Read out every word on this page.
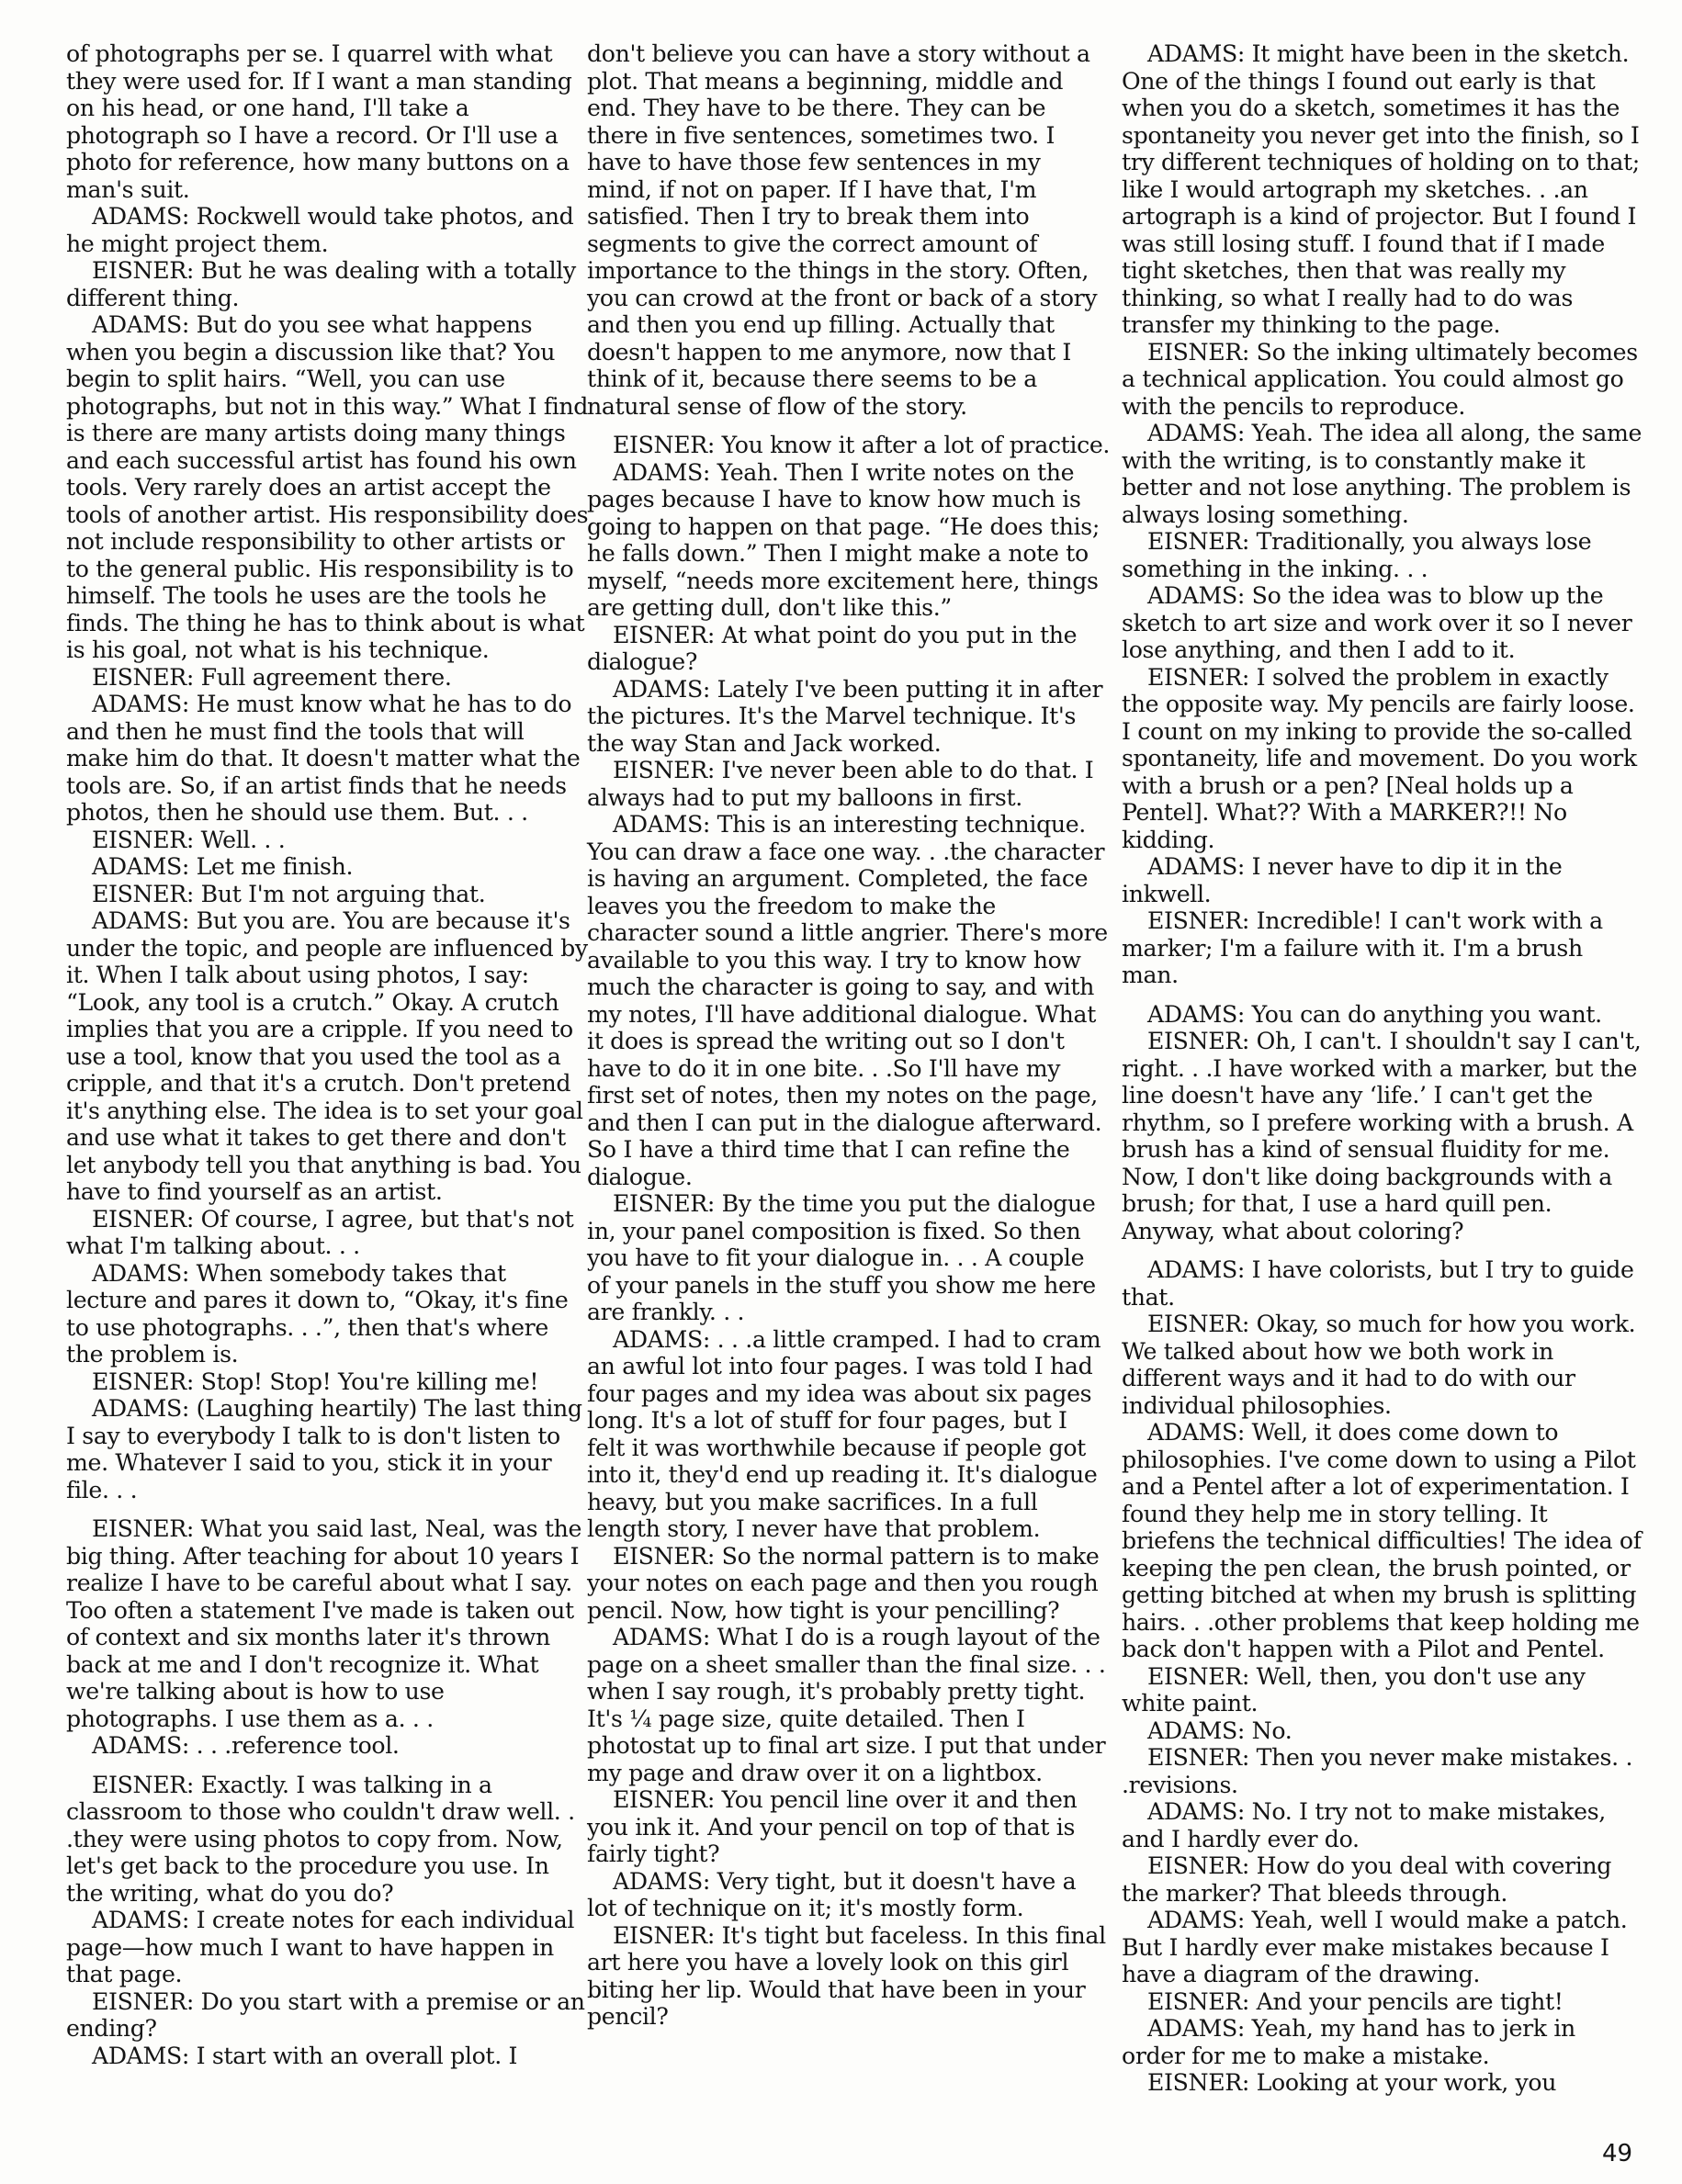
of photographs per se. I quarrel with what they were used for. If I want a man standing on his head, or one hand, I'll take a photograph so I have a record. Or I'll use a photo for reference, how many buttons on a man's suit.

ADAMS: Rockwell would take photos, and he might project them.

EISNER: But he was dealing with a totally different thing.

ADAMS: But do you see what happens when you begin a discussion like that? You begin to split hairs. “Well, you can use photographs, but not in this way.” What I find is there are many artists doing many things and each successful artist has found his own tools. Very rarely does an artist accept the tools of another artist. His responsibility does not include responsibility to other artists or to the general public. His responsibility is to himself. The tools he uses are the tools he finds. The thing he has to think about is what is his goal, not what is his technique.

EISNER: Full agreement there.

ADAMS: He must know what he has to do and then he must find the tools that will make him do that. It doesn't matter what the tools are. So, if an artist finds that he needs photos, then he should use them. But. . .

EISNER: Well. . .

ADAMS: Let me finish.

EISNER: But I'm not arguing that.

ADAMS: But you are. You are because it's under the topic, and people are influenced by it. When I talk about using photos, I say: “Look, any tool is a crutch.” Okay. A crutch implies that you are a cripple. If you need to use a tool, know that you used the tool as a cripple, and that it's a crutch. Don't pretend it's anything else. The idea is to set your goal and use what it takes to get there and don't let anybody tell you that anything is bad. You have to find yourself as an artist.

EISNER: Of course, I agree, but that's not what I'm talking about. . .

ADAMS: When somebody takes that lecture and pares it down to, “Okay, it's fine to use photographs. . .”, then that's where the problem is.

EISNER: Stop! Stop! You're killing me!

ADAMS: (Laughing heartily) The last thing I say to everybody I talk to is don't listen to me. Whatever I said to you, stick it in your file. . .

EISNER: What you said last, Neal, was the big thing. After teaching for about 10 years I realize I have to be careful about what I say. Too often a statement I've made is taken out of context and six months later it's thrown back at me and I don't recognize it. What we're talking about is how to use photographs. I use them as a. . .

ADAMS: . . .reference tool.

EISNER: Exactly. I was talking in a classroom to those who couldn't draw well. . .they were using photos to copy from. Now, let's get back to the procedure you use. In the writing, what do you do?

ADAMS: I create notes for each individual page—how much I want to have happen in that page.

EISNER: Do you start with a premise or an ending?

ADAMS: I start with an overall plot. I

don't believe you can have a story without a plot. That means a beginning, middle and end. They have to be there. They can be there in five sentences, sometimes two. I have to have those few sentences in my mind, if not on paper. If I have that, I'm satisfied. Then I try to break them into segments to give the correct amount of importance to the things in the story. Often, you can crowd at the front or back of a story and then you end up filling. Actually that doesn't happen to me anymore, now that I think of it, because there seems to be a natural sense of flow of the story.

EISNER: You know it after a lot of practice.

ADAMS: Yeah. Then I write notes on the pages because I have to know how much is going to happen on that page. “He does this; he falls down.” Then I might make a note to myself, “needs more excitement here, things are getting dull, don't like this.”

EISNER: At what point do you put in the dialogue?

ADAMS: Lately I've been putting it in after the pictures. It's the Marvel technique. It's the way Stan and Jack worked.

EISNER: I've never been able to do that. I always had to put my balloons in first.

ADAMS: This is an interesting technique. You can draw a face one way. . .the character is having an argument. Completed, the face leaves you the freedom to make the character sound a little angrier. There's more available to you this way. I try to know how much the character is going to say, and with my notes, I'll have additional dialogue. What it does is spread the writing out so I don't have to do it in one bite. . .So I'll have my first set of notes, then my notes on the page, and then I can put in the dialogue afterward. So I have a third time that I can refine the dialogue.

EISNER: By the time you put the dialogue in, your panel composition is fixed. So then you have to fit your dialogue in. . . A couple of your panels in the stuff you show me here are frankly. . .

ADAMS: . . .a little cramped. I had to cram an awful lot into four pages. I was told I had four pages and my idea was about six pages long. It's a lot of stuff for four pages, but I felt it was worthwhile because if people got into it, they'd end up reading it. It's dialogue heavy, but you make sacrifices. In a full length story, I never have that problem.

EISNER: So the normal pattern is to make your notes on each page and then you rough pencil. Now, how tight is your pencilling?

ADAMS: What I do is a rough layout of the page on a sheet smaller than the final size. . . when I say rough, it's probably pretty tight. It's ¼ page size, quite detailed. Then I photostat up to final art size. I put that under my page and draw over it on a lightbox.

EISNER: You pencil line over it and then you ink it. And your pencil on top of that is fairly tight?

ADAMS: Very tight, but it doesn't have a lot of technique on it; it's mostly form.

EISNER: It's tight but faceless. In this final art here you have a lovely look on this girl biting her lip. Would that have been in your pencil?

ADAMS: It might have been in the sketch. One of the things I found out early is that when you do a sketch, sometimes it has the spontaneity you never get into the finish, so I try different techniques of holding on to that; like I would artograph my sketches. . .an artograph is a kind of projector. But I found I was still losing stuff. I found that if I made tight sketches, then that was really my thinking, so what I really had to do was transfer my thinking to the page.

EISNER: So the inking ultimately becomes a technical application. You could almost go with the pencils to reproduce.

ADAMS: Yeah. The idea all along, the same with the writing, is to constantly make it better and not lose anything. The problem is always losing something.

EISNER: Traditionally, you always lose something in the inking. . .

ADAMS: So the idea was to blow up the sketch to art size and work over it so I never lose anything, and then I add to it.

EISNER: I solved the problem in exactly the opposite way. My pencils are fairly loose. I count on my inking to provide the so-called spontaneity, life and movement. Do you work with a brush or a pen? [Neal holds up a Pentel]. What?? With a MARKER?!! No kidding.

ADAMS: I never have to dip it in the inkwell.

EISNER: Incredible! I can't work with a marker; I'm a failure with it. I'm a brush man.

ADAMS: You can do anything you want.

EISNER: Oh, I can't. I shouldn't say I can't, right. . .I have worked with a marker, but the line doesn't have any ‘life.’ I can't get the rhythm, so I prefere working with a brush. A brush has a kind of sensual fluidity for me. Now, I don't like doing backgrounds with a brush; for that, I use a hard quill pen. Anyway, what about coloring?

ADAMS: I have colorists, but I try to guide that.

EISNER: Okay, so much for how you work. We talked about how we both work in different ways and it had to do with our individual philosophies.

ADAMS: Well, it does come down to philosophies. I've come down to using a Pilot and a Pentel after a lot of experimentation. I found they help me in story telling. It briefens the technical difficulties! The idea of keeping the pen clean, the brush pointed, or getting bitched at when my brush is splitting hairs. . .other problems that keep holding me back don't happen with a Pilot and Pentel.

EISNER: Well, then, you don't use any white paint.

ADAMS: No.

EISNER: Then you never make mistakes. . .revisions.

ADAMS: No. I try not to make mistakes, and I hardly ever do.

EISNER: How do you deal with covering the marker? That bleeds through.

ADAMS: Yeah, well I would make a patch. But I hardly ever make mistakes because I have a diagram of the drawing.

EISNER: And your pencils are tight!

ADAMS: Yeah, my hand has to jerk in order for me to make a mistake.

EISNER: Looking at your work, you

49
